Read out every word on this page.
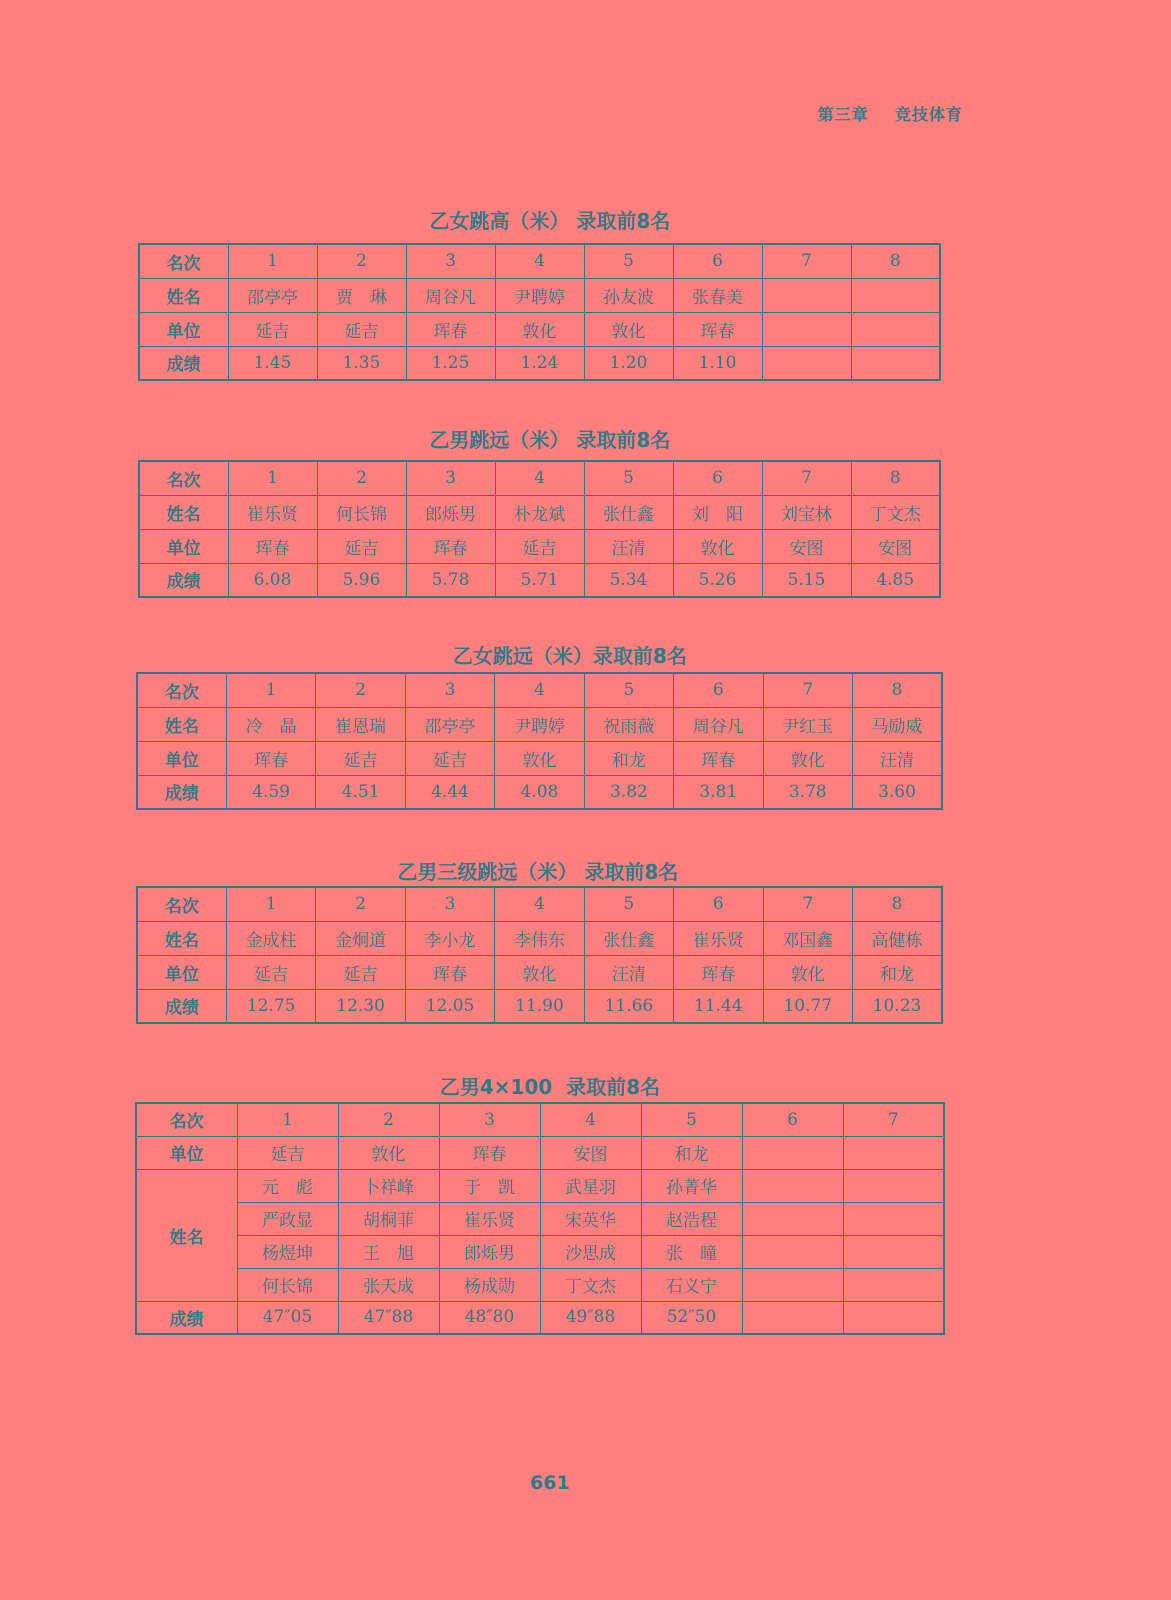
第三章    竞技体育
乙女跳高（米） 录取前8名
名次	1	2	3	4	5	6	7	8
姓名	邵亭亭	贾　琳	周谷凡	尹聘婷	孙友波	张春美		
单位	延吉	延吉	珲春	敦化	敦化	珲春		
成绩	1.45	1.35	1.25	1.24	1.20	1.10		
乙男跳远（米） 录取前8名
名次	1	2	3	4	5	6	7	8
姓名	崔乐贤	何长锦	郎烁男	朴龙斌	张仕鑫	刘　阳	刘宝林	丁文杰
单位	珲春	延吉	珲春	延吉	汪清	敦化	安图	安图
成绩	6.08	5.96	5.78	5.71	5.34	5.26	5.15	4.85
乙女跳远（米）录取前8名
名次	1	2	3	4	5	6	7	8
姓名	冷　晶	崔恩瑞	邵亭亭	尹聘婷	祝雨薇	周谷凡	尹红玉	马励威
单位	珲春	延吉	延吉	敦化	和龙	珲春	敦化	汪清
成绩	4.59	4.51	4.44	4.08	3.82	3.81	3.78	3.60
乙男三级跳远（米） 录取前8名
名次	1	2	3	4	5	6	7	8
姓名	金成柱	金炯道	李小龙	李伟东	张仕鑫	崔乐贤	邓国鑫	高健栋
单位	延吉	延吉	珲春	敦化	汪清	珲春	敦化	和龙
成绩	12.75	12.30	12.05	11.90	11.66	11.44	10.77	10.23
乙男4×100  录取前8名
名次	1	2	3	4	5	6	7
单位	延吉	敦化	珲春	安图	和龙		
姓名	元　彪	卜祥峰	于　凯	武星羽	孙菁华		
	严政显	胡桐菲	崔乐贤	宋英华	赵浩程		
	杨煜坤	王　旭	郎烁男	沙思成	张　曈		
	何长锦	张天成	杨成勋	丁文杰	石义宁		
成绩	47″05	47″88	48″80	49″88	52″50		
661
